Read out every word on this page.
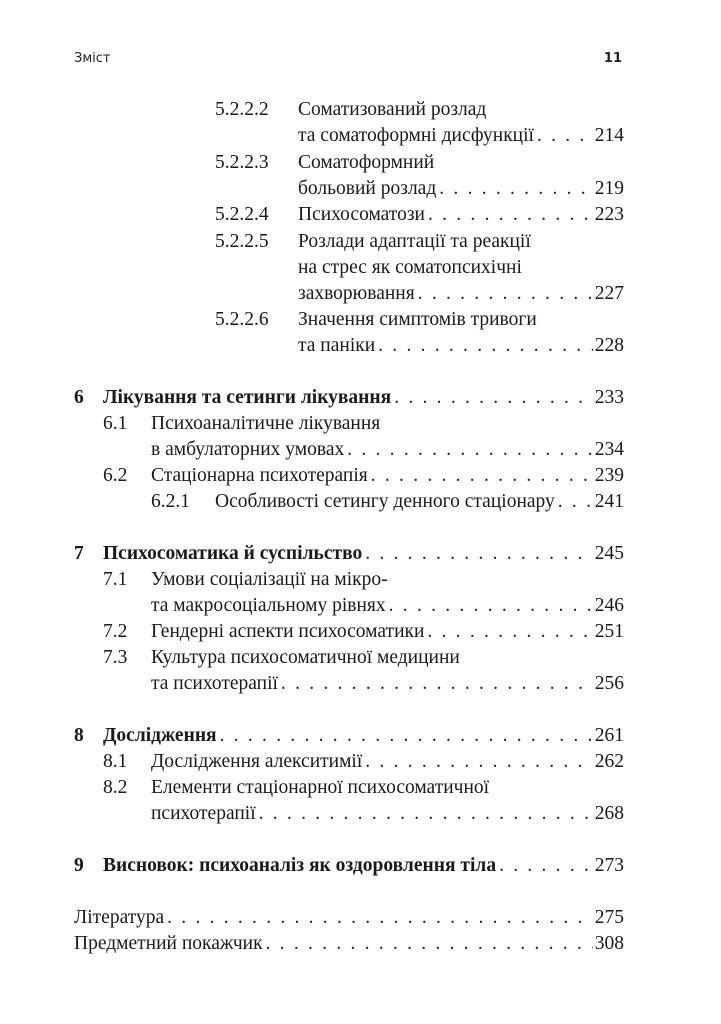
Зміст	11
5.2.2.2 Соматизований розлад
та соматоформні дисфункції . . .	214
5.2.2.3 Соматоформний
больовий розлад . . .	219
5.2.2.4 Психосоматози . . .	223
5.2.2.5 Розлади адаптації та реакції
на стрес як соматопсихічні
захворювання . . .	227
5.2.2.6 Значення симптомів тривоги
та паніки . . .	228
6 Лікування та сетинги лікування . . .	233
6.1 Психоаналітичне лікування
в амбулаторних умовах . . .	234
6.2 Стаціонарна психотерапія . . .	239
6.2.1 Особливості сетингу денного стаціонару . . . 241
7 Психосоматика й суспільство . . .	245
7.1 Умови соціалізації на мікро-
та макросоціальному рівнях . . .	246
7.2 Гендерні аспекти психосоматики . . .	251
7.3 Культура психосоматичної медицини
та психотерапії . . .	256
8 Дослідження . . .	261
8.1 Дослідження алекситимії . . .	262
8.2 Елементи стаціонарної психосоматичної
психотерапії . . .	268
9 Висновок: психоаналіз як оздоровлення тіла . . .	273
Література . . .	275
Предметний покажчик . . .	308
